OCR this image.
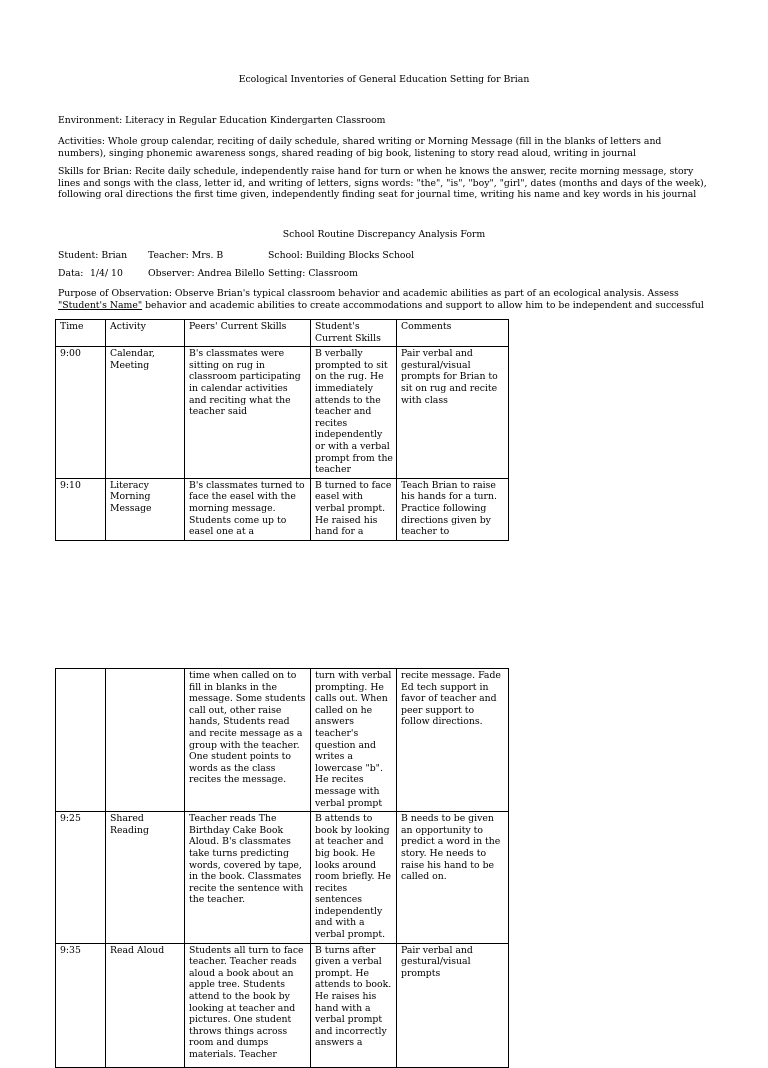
Ecological Inventories of General Education Setting for Brian
Environment: Literacy in Regular Education Kindergarten Classroom
Activities: Whole group calendar, reciting of daily schedule, shared writing or Morning Message (fill in the blanks of letters and numbers), singing phonemic awareness songs, shared reading of big book, listening to story read aloud, writing in journal
Skills for Brian: Recite daily schedule, independently raise hand for turn or when he knows the answer, recite morning message, story lines and songs with the class, letter id, and writing of letters, signs words: "the", "is", "boy", "girl", dates (months and days of the week), following oral directions the first time given, independently finding seat for journal time, writing his name and key words in his journal
School Routine Discrepancy Analysis Form
Student: Brian Teacher: Mrs. B	School: Building Blocks School
Data: 1/4/ 10	Observer: Andrea Bilello Setting: Classroom
Purpose of Observation: Observe Brian's typical classroom behavior and academic abilities as part of an ecological analysis. Assess "Student's Name" behavior and academic abilities to create accommodations and support to allow him to be independent and successful
Time	Activity	Peers' Current Skills	Student's Current Skills	Comments
9:00	Calendar, Meeting	B's classmates were sitting on rug in classroom participating in calendar activities and reciting what the teacher said	B verbally prompted to sit on the rug. He immediately attends to the teacher and recites independently or with a verbal prompt from the teacher	Pair verbal and gestural/visual prompts for Brian to sit on rug and recite with class
9:10	Literacy Morning Message	B's classmates turned to face the easel with the morning message. Students come up to easel one at a	B turned to face easel with verbal prompt. He raised his hand for a	Teach Brian to raise his hands for a turn. Practice following directions given by teacher to
		time when called on to fill in blanks in the message. Some students call out, other raise hands, Students read and recite message as a group with the teacher. One student points to words as the class recites the message.	turn with verbal prompting. He calls out. When called on he answers teacher's question and writes a lowercase "b". He recites message with verbal prompt	recite message. Fade Ed tech support in favor of teacher and peer support to follow directions.
9:25	Shared Reading	Teacher reads The Birthday Cake Book Aloud. B's classmates take turns predicting words, covered by tape, in the book. Classmates recite the sentence with the teacher.	B attends to book by looking at teacher and big book. He looks around room briefly. He recites sentences independently and with a verbal prompt.	B needs to be given an opportunity to predict a word in the story. He needs to raise his hand to be called on.
9:35	Read Aloud	Students all turn to face teacher. Teacher reads aloud a book about an apple tree. Students attend to the book by looking at teacher and pictures. One student throws things across room and dumps materials. Teacher	B turns after given a verbal prompt. He attends to book. He raises his hand with a verbal prompt and incorrectly answers a	Pair verbal and gestural/visual prompts
